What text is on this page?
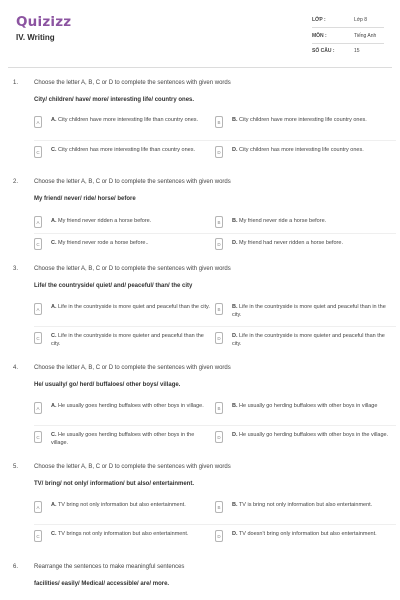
Quizizz
IV. Writing
LỚP :	Lớp 8
MÔN :	Tiếng Anh
SỐ CÂU :	15
1.	Choose the letter A, B, C or D to complete the sentences with given words
City/ children/ have/ more/ interesting life/ country ones.
A	A. City children have more interesting life than country ones.	B	B. City children have more interesting life country ones.
C	C. City children has more interesting life than country ones.	D	D. City children has more interesting life country ones.
2.	Choose the letter A, B, C or D to complete the sentences with given words
My friend/ never/ ride/ horse/ before
A	A. My friend never ridden a horse before.	B	B. My friend never ride a horse before.
C	C. My friend never rode a horse before..	D	D. My friend had never ridden a horse before.
3.	Choose the letter A, B, C or D to complete the sentences with given words
Life/ the countryside/ quiet/ and/ peaceful/ than/ the city
A	A. Life in the countryside is more quiet and peaceful than the city.	B	B. Life in the countryside is more quiet and peaceful than in the city.
C	C. Life in the countryside is more quieter and peaceful than the city.
D	D. Life in the countryside is more quieter and peaceful than the city.
4.	Choose the letter A, B, C or D to complete the sentences with given words
He/ usually/ go/ herd/ buffaloes/ other boys/ village.
A	A. He usually goes herding buffaloes with other boys in village.	B	B. He usually go herding buffaloes with other boys in village
C	C. He usually goes herding buffaloes with other boys in the village.
D	D. He usually go herding buffaloes with other boys in the village.
5.	Choose the letter A, B, C or D to complete the sentences with given words
TV/ bring/ not only/ information/ but also/ entertainment.
A	A. TV bring not only information but also entertainment.	B	B. TV is bring not only information but also entertainment.
C	C. TV brings not only information but also entertainment.	D	D. TV doesn't bring only information but also entertainment.
6.	Rearrange the sentences to make meaningful sentences
facilities/ easily/ Medical/ accessible/ are/ more.
